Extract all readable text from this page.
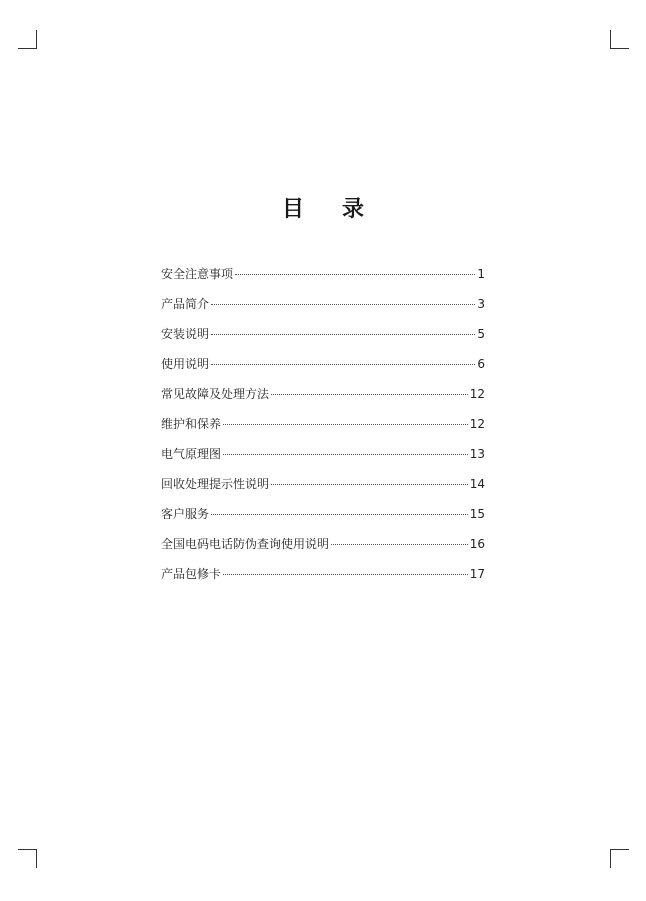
目录
安全注意事项	1
产品简介	3
安装说明	5
使用说明	6
常见故障及处理方法	12
维护和保养	12
电气原理图	13
回收处理提示性说明	14
客户服务	15
全国电码电话防伪查询使用说明	16
产品包修卡	17
